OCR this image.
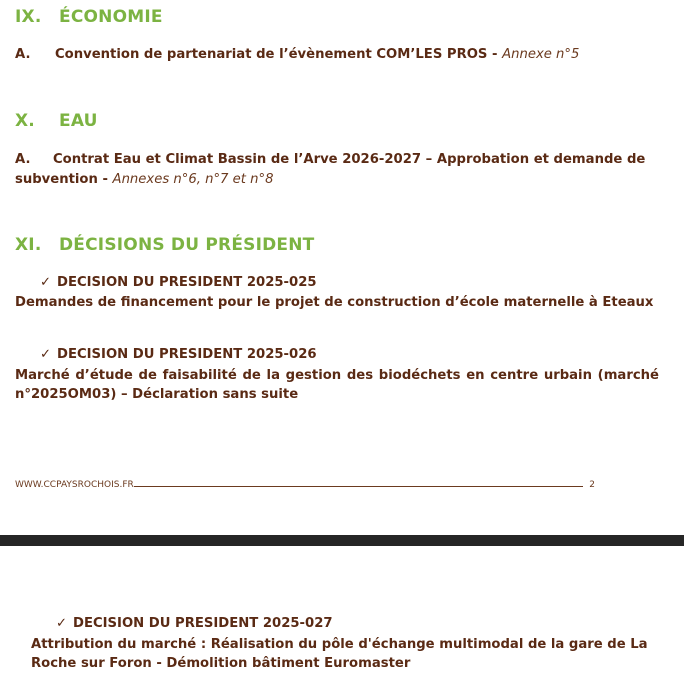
IX. ÉCONOMIE
A. Convention de partenariat de l’évènement COM’LES PROS - Annexe n°5
X. EAU
A. Contrat Eau et Climat Bassin de l’Arve 2026-2027 – Approbation et demande de subvention - Annexes n°6, n°7 et n°8
XI. DÉCISIONS DU PRÉSIDENT
✓ DECISION DU PRESIDENT 2025-025
Demandes de financement pour le projet de construction d’école maternelle à Eteaux
✓ DECISION DU PRESIDENT 2025-026
Marché d’étude de faisabilité de la gestion des biodéchets en centre urbain (marché n°2025OM03) – Déclaration sans suite
WWW.CCPAYSROCHOIS.FR	2
✓ DECISION DU PRESIDENT 2025-027
Attribution du marché : Réalisation du pôle d'échange multimodal de la gare de La Roche sur Foron - Démolition bâtiment Euromaster
